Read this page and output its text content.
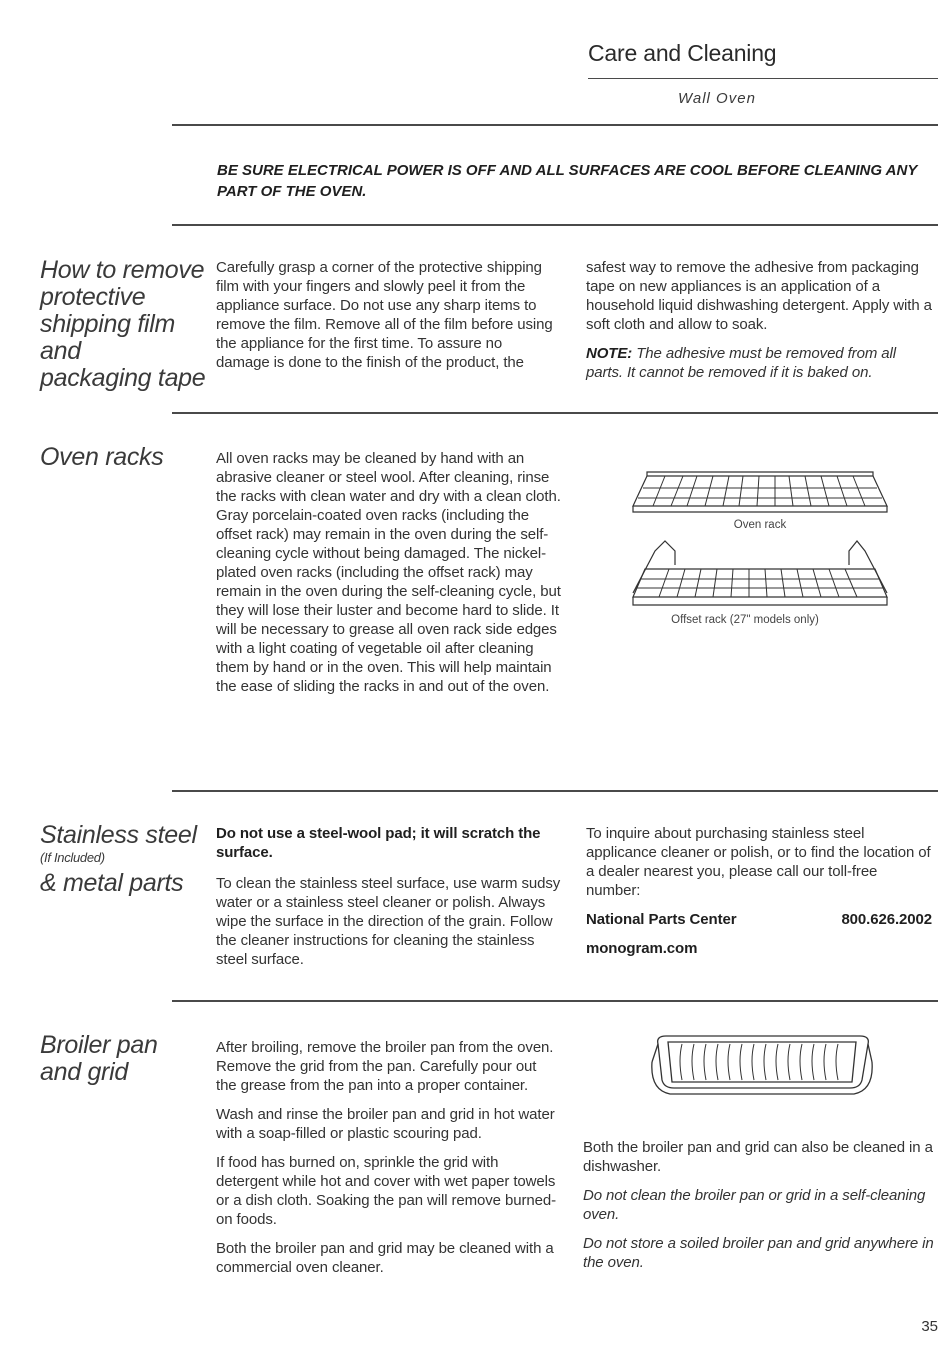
Care and Cleaning
Wall Oven
BE SURE ELECTRICAL POWER IS OFF AND ALL SURFACES ARE COOL BEFORE CLEANING ANY PART OF THE OVEN.
How to remove
protective
shipping film and
packaging tape

Carefully grasp a corner of the protective shipping film with your fingers and slowly peel it from the appliance surface. Do not use any sharp items to remove the film. Remove all of the film before using the appliance for the first time. To assure no damage is done to the finish of the product, the

safest way to remove the adhesive from packaging tape on new appliances is an application of a household liquid dishwashing detergent. Apply with a soft cloth and allow to soak.

NOTE: The adhesive must be removed from all parts. It cannot be removed if it is baked on.

Oven racks	All oven racks may be cleaned by hand with an abrasive cleaner or steel wool. After cleaning, rinse the racks with clean water and dry with a clean cloth. Gray porcelain-coated oven racks (including the offset rack) may remain in the oven during the self-cleaning cycle without being damaged. The nickel-plated oven racks (including the offset rack) may remain in the oven during the self-cleaning cycle, but they will lose their luster and become hard to slide. It will be necessary to grease all oven rack side edges with a light coating of vegetable oil after cleaning them by hand or in the oven. This will help maintain the ease of sliding the racks in and out of the oven.

Oven rack
Offset rack (27" models only)
Stainless steel
(If Included)
& metal parts

Do not use a steel-wool pad; it will scratch the surface.

To clean the stainless steel surface, use warm sudsy water or a stainless steel cleaner or polish. Always wipe the surface in the direction of the grain. Follow the cleaner instructions for cleaning the stainless steel surface.

To inquire about purchasing stainless steel applicance cleaner or polish, or to find the location of a dealer nearest you, please call our toll-free number:

National Parts Center	800.626.2002
monogram.com
Broiler pan
and grid

After broiling, remove the broiler pan from the oven. Remove the grid from the pan. Carefully pour out the grease from the pan into a proper container.

Wash and rinse the broiler pan and grid in hot water with a soap-filled or plastic scouring pad.

If food has burned on, sprinkle the grid with detergent while hot and cover with wet paper towels or a dish cloth. Soaking the pan will remove burned-on foods.

Both the broiler pan and grid may be cleaned with a commercial oven cleaner.

Both the broiler pan and grid can also be cleaned in a dishwasher.

Do not clean the broiler pan or grid in a self-cleaning oven.

Do not store a soiled broiler pan and grid anywhere in the oven.

35
